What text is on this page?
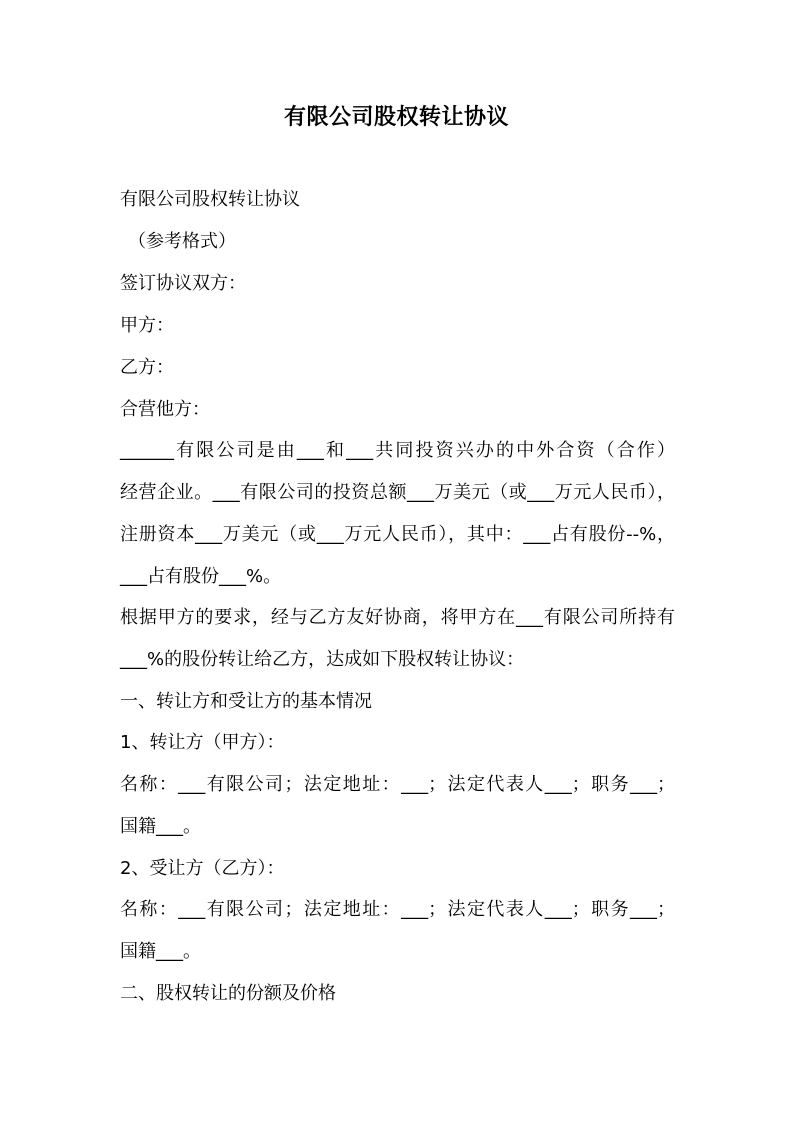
有限公司股权转让协议
有限公司股权转让协议
（参考格式）
签订协议双方：
甲方：
乙方：
合营他方：
______有限公司是由___和___共同投资兴办的中外合资（合作）
经营企业。___有限公司的投资总额___万美元（或___万元人民币），
注册资本___万美元（或___万元人民币），其中：___占有股份--%，
___占有股份___%。
根据甲方的要求，经与乙方友好协商，将甲方在___有限公司所持有
___%的股份转让给乙方，达成如下股权转让协议：
一、转让方和受让方的基本情况
1、转让方（甲方）：
名称：___有限公司；法定地址：___；法定代表人___；职务___；
国籍___。
2、受让方（乙方）：
名称：___有限公司；法定地址：___；法定代表人___；职务___；
国籍___。
二、股权转让的份额及价格
